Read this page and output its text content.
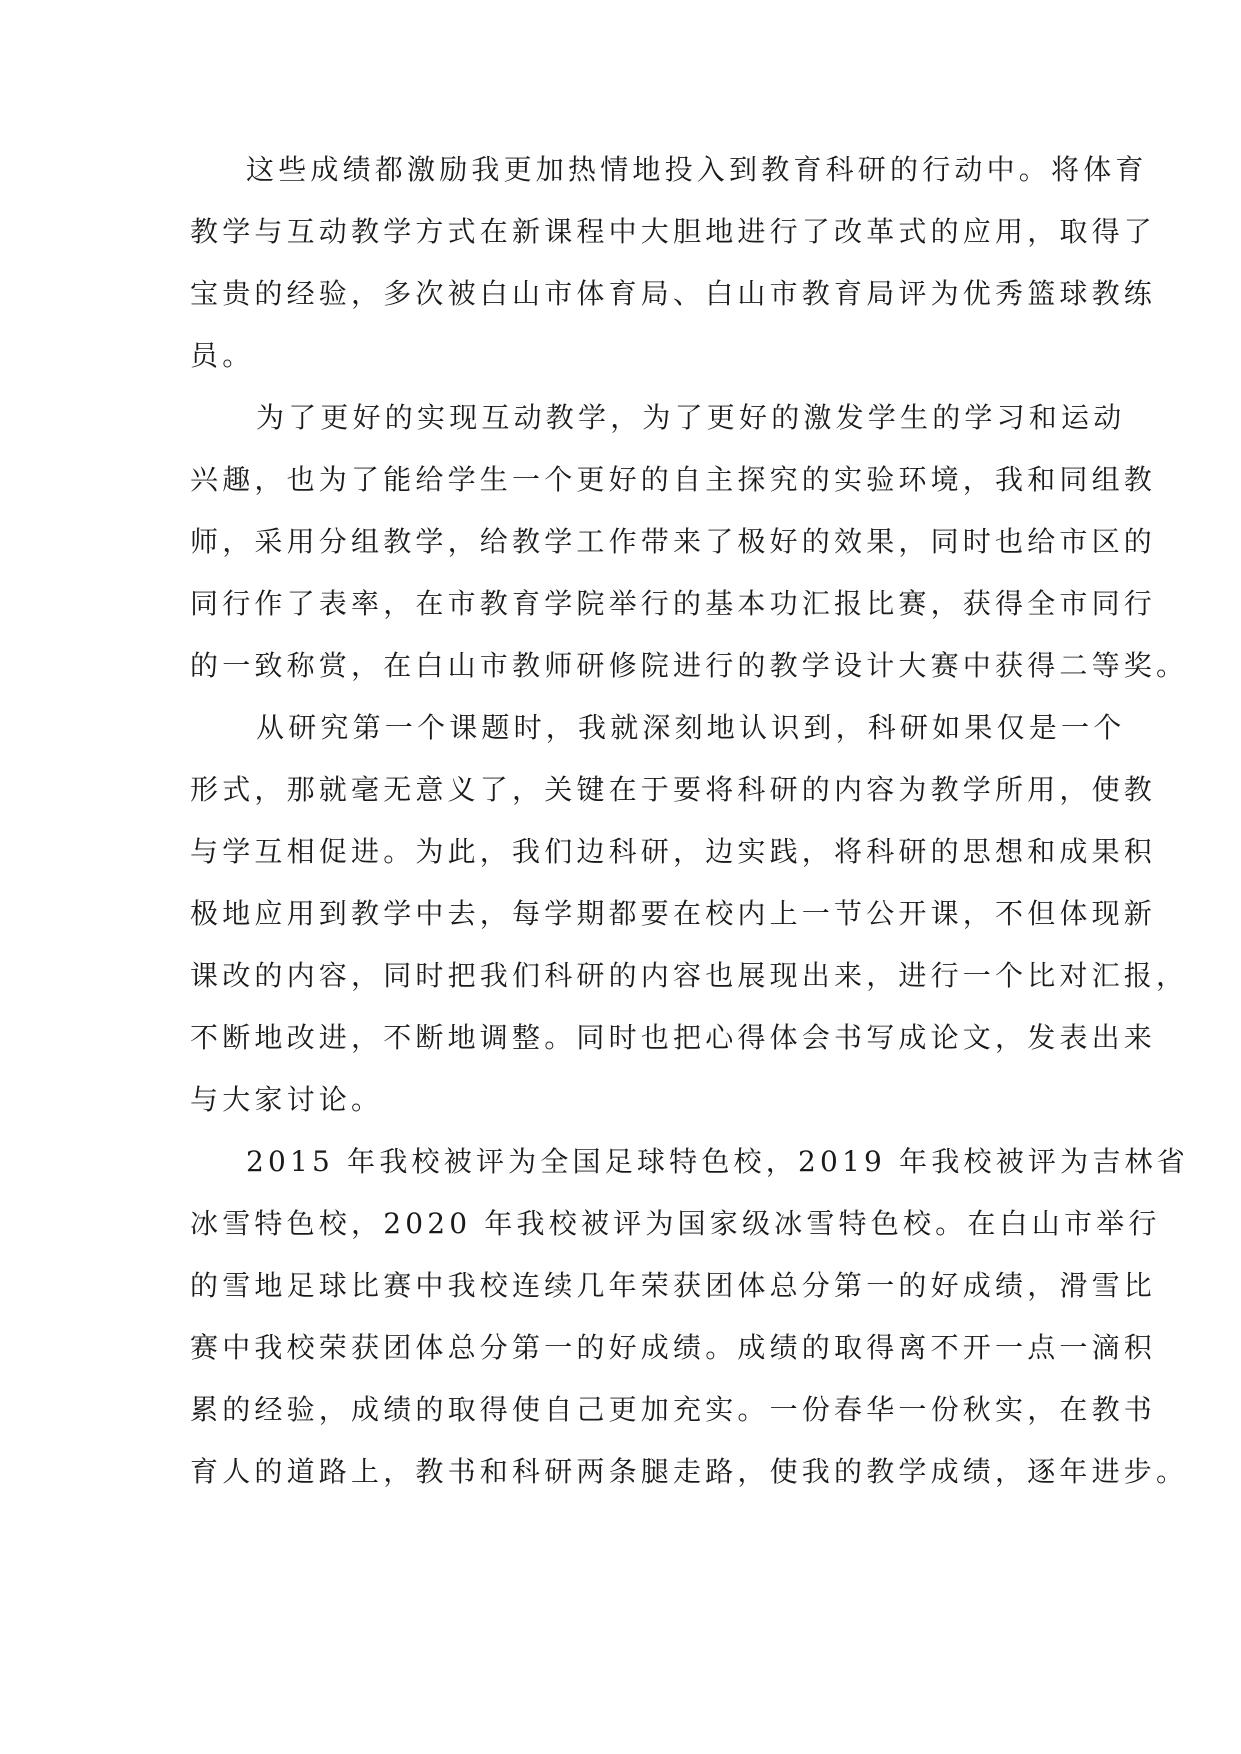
这些成绩都激励我更加热情地投入到教育科研的行动中。将体育
教学与互动教学方式在新课程中大胆地进行了改革式的应用，取得了
宝贵的经验，多次被白山市体育局、白山市教育局评为优秀篮球教练
员。
为了更好的实现互动教学，为了更好的激发学生的学习和运动
兴趣，也为了能给学生一个更好的自主探究的实验环境，我和同组教
师，采用分组教学，给教学工作带来了极好的效果，同时也给市区的
同行作了表率，在市教育学院举行的基本功汇报比赛，获得全市同行
的一致称赏，在白山市教师研修院进行的教学设计大赛中获得二等奖。
从研究第一个课题时，我就深刻地认识到，科研如果仅是一个
形式，那就毫无意义了，关键在于要将科研的内容为教学所用，使教
与学互相促进。为此，我们边科研，边实践，将科研的思想和成果积
极地应用到教学中去，每学期都要在校内上一节公开课，不但体现新
课改的内容，同时把我们科研的内容也展现出来，进行一个比对汇报，
不断地改进，不断地调整。同时也把心得体会书写成论文，发表出来
与大家讨论。
2015 年我校被评为全国足球特色校，2019 年我校被评为吉林省
冰雪特色校，2020 年我校被评为国家级冰雪特色校。在白山市举行
的雪地足球比赛中我校连续几年荣获团体总分第一的好成绩，滑雪比
赛中我校荣获团体总分第一的好成绩。成绩的取得离不开一点一滴积
累的经验，成绩的取得使自己更加充实。一份春华一份秋实，在教书
育人的道路上，教书和科研两条腿走路，使我的教学成绩，逐年进步。
